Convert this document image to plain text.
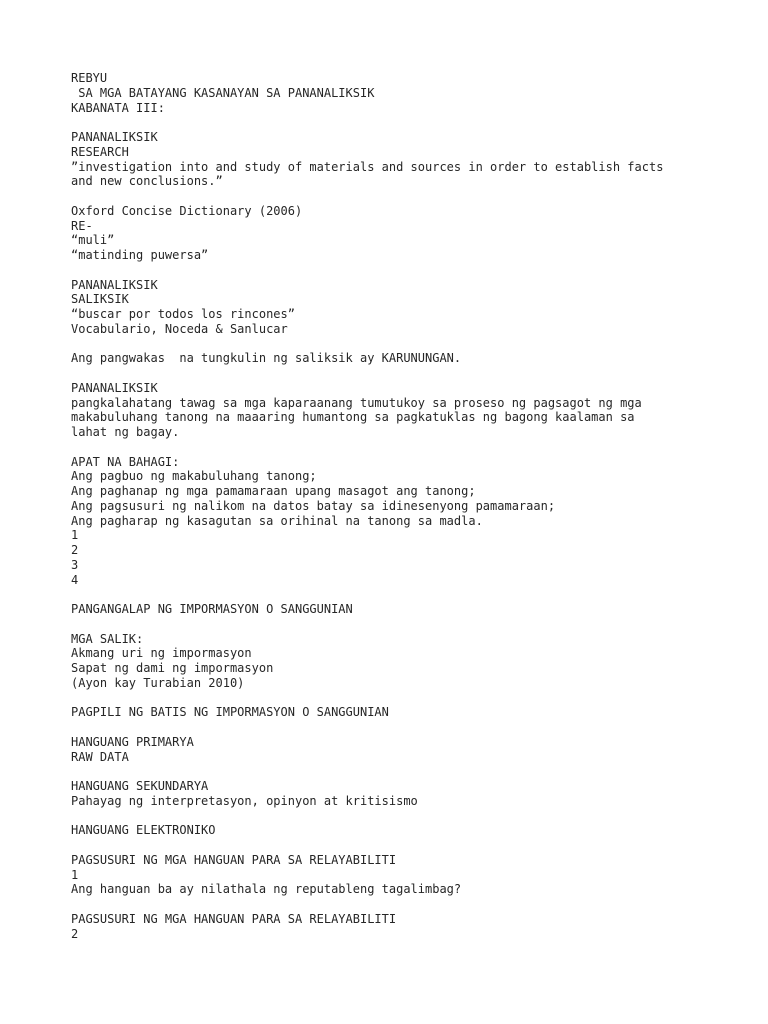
REBYU
SA MGA BATAYANG KASANAYAN SA PANANALIKSIK
KABANATA III:

PANANALIKSIK
RESEARCH
”investigation into and study of materials and sources in order to establish facts
and new conclusions.”

Oxford Concise Dictionary (2006)
RE-
“muli”
“matinding puwersa”

PANANALIKSIK
SALIKSIK
“buscar por todos los rincones”
Vocabulario, Noceda & Sanlucar

Ang pangwakas  na tungkulin ng saliksik ay KARUNUNGAN.

PANANALIKSIK
pangkalahatang tawag sa mga kaparaanang tumutukoy sa proseso ng pagsagot ng mga
makabuluhang tanong na maaaring humantong sa pagkatuklas ng bagong kaalaman sa
lahat ng bagay.

APAT NA BAHAGI:
Ang pagbuo ng makabuluhang tanong;
Ang paghanap ng mga pamamaraan upang masagot ang tanong;
Ang pagsusuri ng nalikom na datos batay sa idinesenyong pamamaraan;
Ang pagharap ng kasagutan sa orihinal na tanong sa madla.
1
2
3
4

PANGANGALAP NG IMPORMASYON O SANGGUNIAN

MGA SALIK:
Akmang uri ng impormasyon
Sapat ng dami ng impormasyon
(Ayon kay Turabian 2010)

PAGPILI NG BATIS NG IMPORMASYON O SANGGUNIAN

HANGUANG PRIMARYA
RAW DATA

HANGUANG SEKUNDARYA
Pahayag ng interpretasyon, opinyon at kritisismo

HANGUANG ELEKTRONIKO

PAGSUSURI NG MGA HANGUAN PARA SA RELAYABILITI
1
Ang hanguan ba ay nilathala ng reputableng tagalimbag?

PAGSUSURI NG MGA HANGUAN PARA SA RELAYABILITI
2
